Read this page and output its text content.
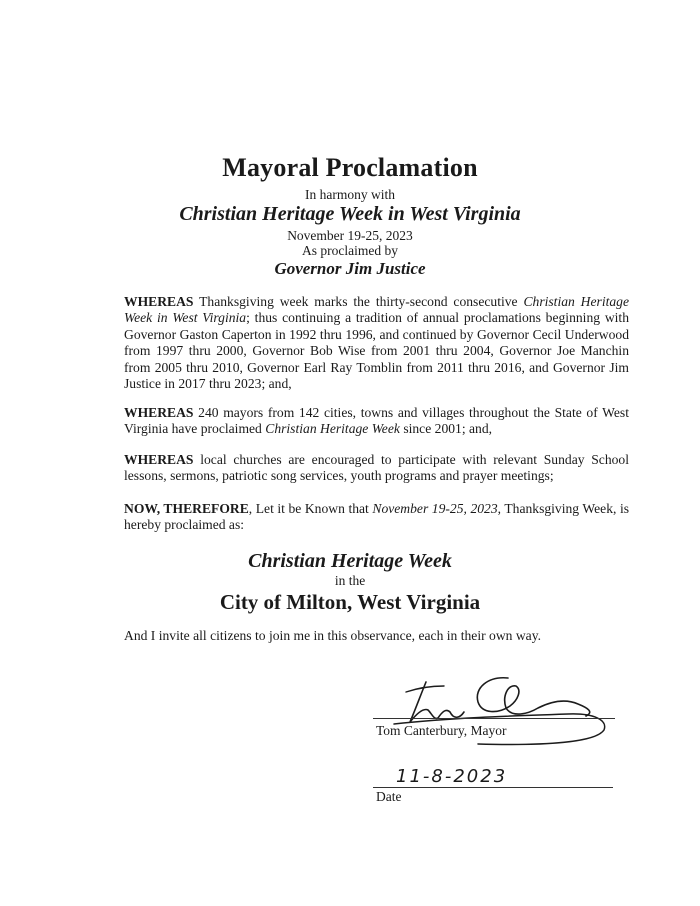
Mayoral Proclamation
In harmony with
Christian Heritage Week in West Virginia
November 19-25, 2023
As proclaimed by
Governor Jim Justice
WHEREAS Thanksgiving week marks the thirty-second consecutive Christian Heritage Week in West Virginia; thus continuing a tradition of annual proclamations beginning with Governor Gaston Caperton in 1992 thru 1996, and continued by Governor Cecil Underwood from 1997 thru 2000, Governor Bob Wise from 2001 thru 2004, Governor Joe Manchin from 2005 thru 2010, Governor Earl Ray Tomblin from 2011 thru 2016, and Governor Jim Justice in 2017 thru 2023; and,
WHEREAS 240 mayors from 142 cities, towns and villages throughout the State of West Virginia have proclaimed Christian Heritage Week since 2001; and,
WHEREAS local churches are encouraged to participate with relevant Sunday School lessons, sermons, patriotic song services, youth programs and prayer meetings;
NOW, THEREFORE, Let it be Known that November 19-25, 2023, Thanksgiving Week, is hereby proclaimed as:
Christian Heritage Week
in the
City of Milton, West Virginia
And I invite all citizens to join me in this observance, each in their own way.
Tom Canterbury, Mayor
11-8-2023
Date
